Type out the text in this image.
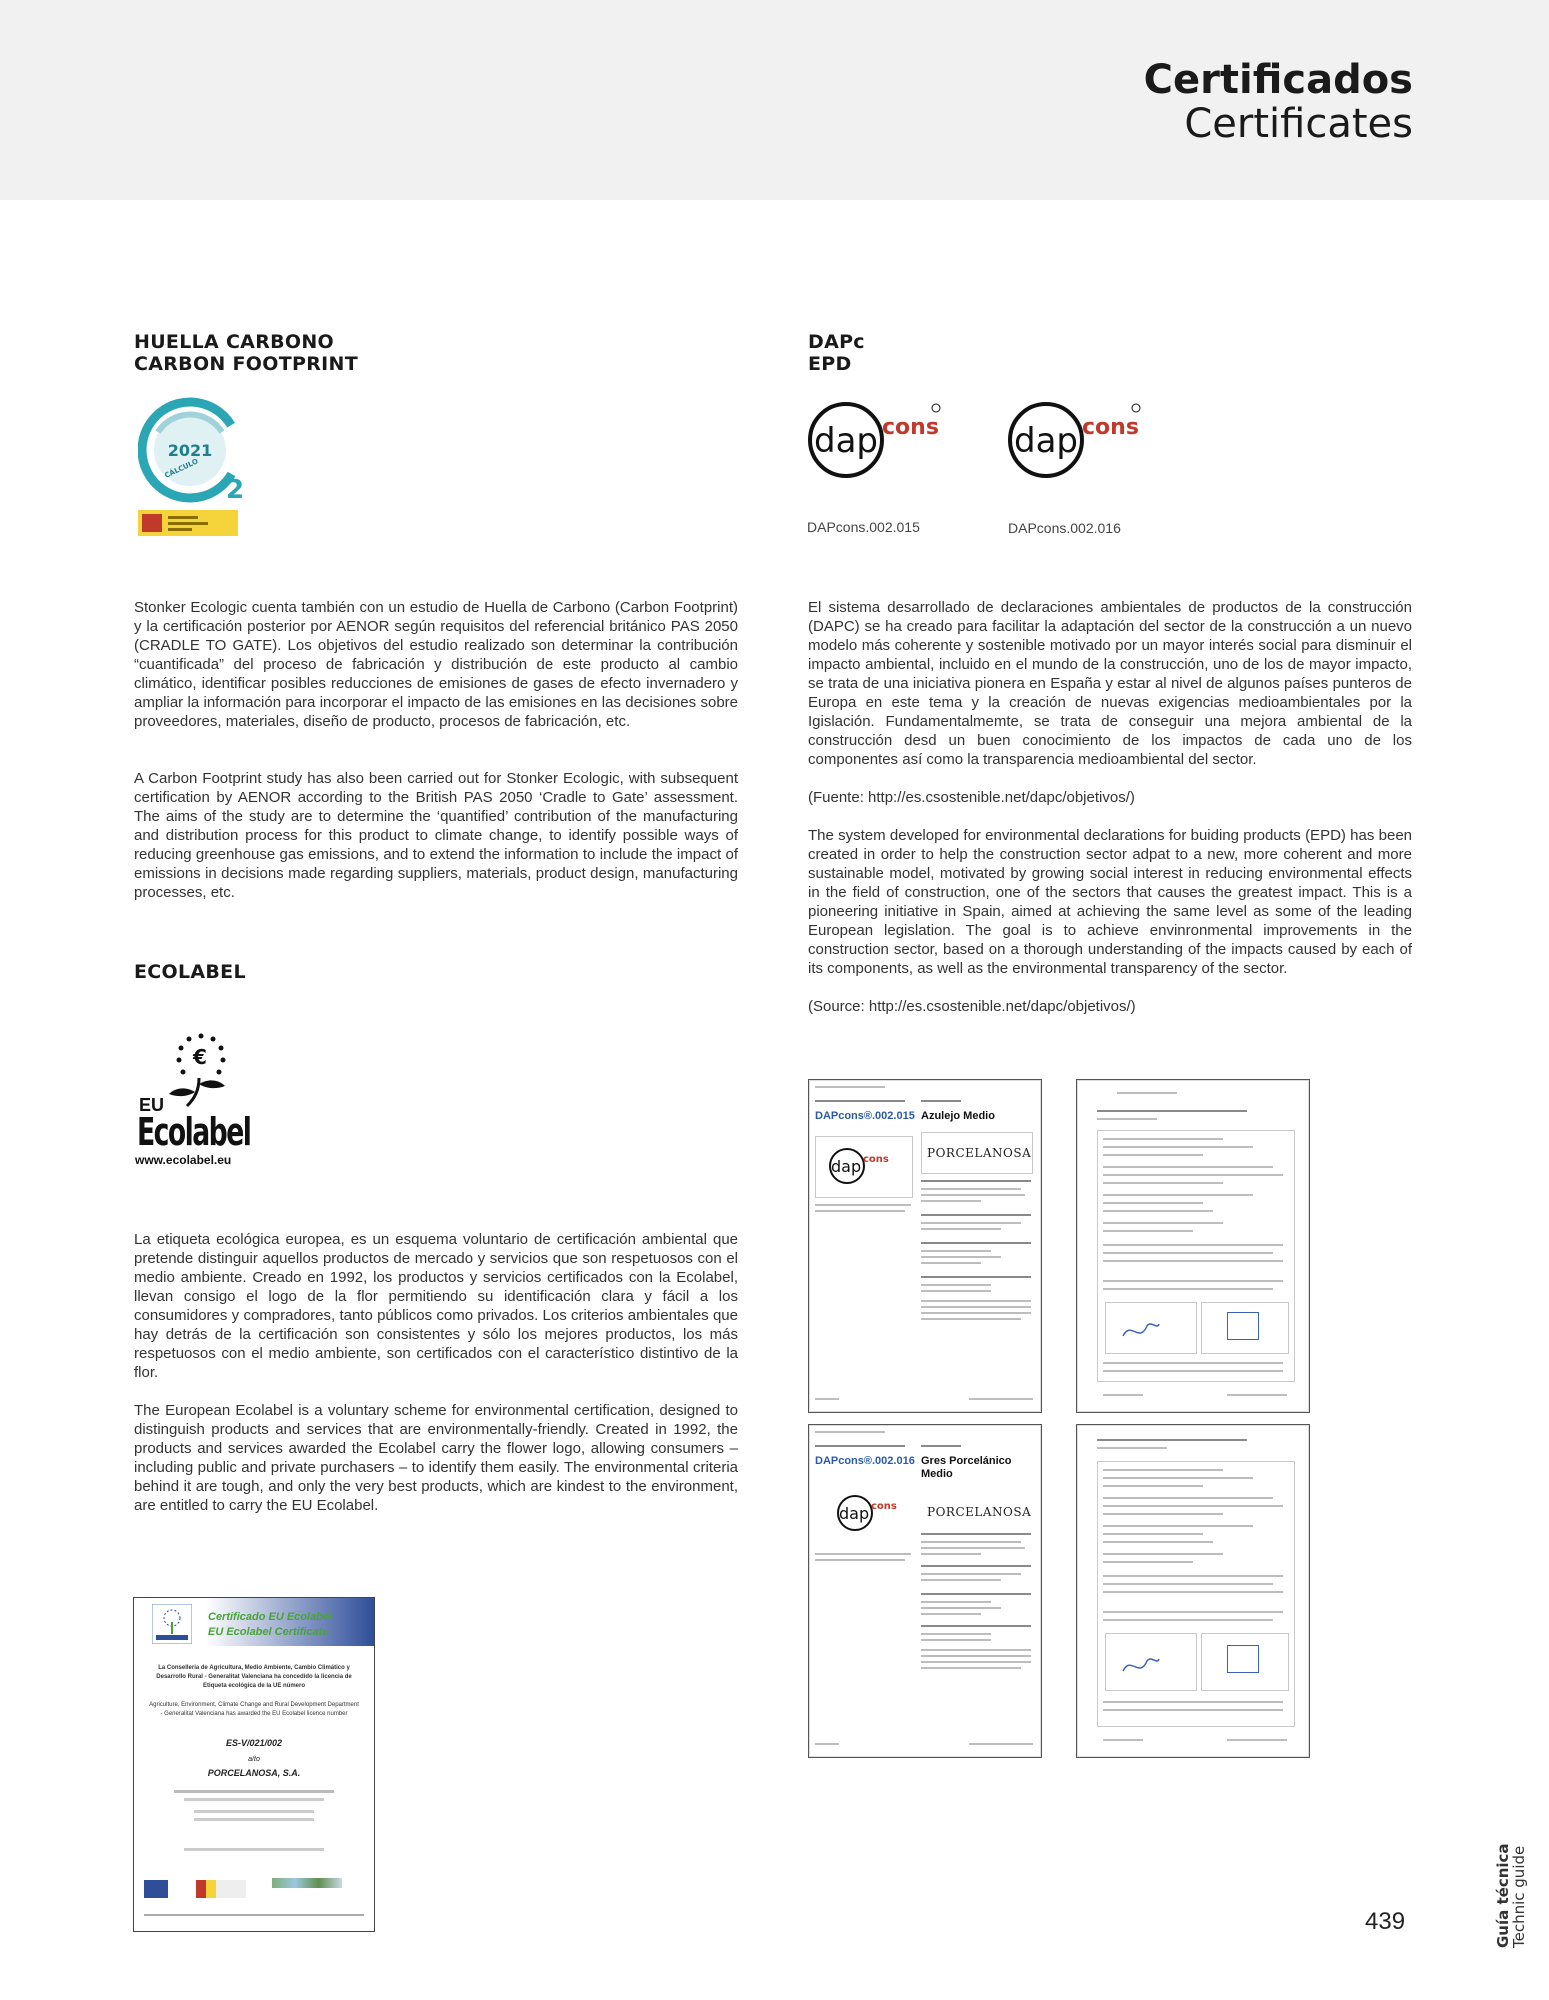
Certificados
Certificates
HUELLA CARBONO
CARBON FOOTPRINT
2021
CÁLCULO
2

Stonker Ecologic cuenta también con un estudio de Huella de Carbono (Carbon Footprint) y la certificación posterior por AENOR según requisitos del referencial británico PAS 2050 (CRADLE TO GATE). Los objetivos del estudio realizado son determinar la contribución “cuantificada” del proceso de fabricación y distribución de este producto al cambio climático, identificar posibles reducciones de emisiones de gases de efecto invernadero y ampliar la información para incorporar el impacto de las emisiones en las decisiones sobre proveedores, materiales, diseño de producto, procesos de fabricación, etc.

A Carbon Footprint study has also been carried out for Stonker Ecologic, with subsequent certification by AENOR according to the British PAS 2050 ‘Cradle to Gate’ assessment. The aims of the study are to determine the ‘quantified’ contribution of the manufacturing and distribution process for this product to climate change, to identify possible ways of reducing greenhouse gas emissions, and to extend the information to include the impact of emissions in decisions made regarding suppliers, materials, product design, manufacturing processes, etc.

ECOLABEL
€
EU
Ecolabel
www.ecolabel.eu

La etiqueta ecológica europea, es un esquema voluntario de certificación ambiental que pretende distinguir aquellos productos de mercado y servicios que son respetuosos con el medio ambiente. Creado en 1992, los productos y servicios certificados con la Ecolabel, llevan consigo el logo de la flor permitiendo su identificación clara y fácil a los consumidores y compradores, tanto públicos como privados. Los criterios ambientales que hay detrás de la certificación son consistentes y sólo los mejores productos, los más respetuosos con el medio ambiente, son certificados con el característico distintivo de la flor.

The European Ecolabel is a voluntary scheme for environmental certification, designed to distinguish products and services that are environmentally-friendly. Created in 1992, the products and services awarded the Ecolabel carry the flower logo, allowing consumers – including public and private purchasers – to identify them easily. The environmental criteria behind it are tough, and only the very best products, which are kindest to the environment, are entitled to carry the EU Ecolabel.

Certificado EU Ecolabel
EU Ecolabel Certificate
La Conselleria de Agricultura, Medio Ambiente, Cambio Climático y Desarrollo Rural - Generalitat Valenciana ha concedido la licencia de Etiqueta ecológica de la UE número
Agriculture, Environment, Climate Change and Rural Development Department - Generalitat Valenciana has awarded the EU Ecolabel licence number
ES-V/021/002
a/to
PORCELANOSA, S.A.
DAPc
EPD
dap cons dap cons
DAPcons.002.015	DAPcons.002.016

El sistema desarrollado de declaraciones ambientales de productos de la construcción (DAPC) se ha creado para facilitar la adaptación del sector de la construcción a un nuevo modelo más coherente y sostenible motivado por un mayor interés social para disminuir el impacto ambiental, incluido en el mundo de la construcción, uno de los de mayor impacto, se trata de una iniciativa pionera en España y estar al nivel de algunos países punteros de Europa en este tema y la creación de nuevas exigencias medioambientales por la Igislación. Fundamentalmemte, se trata de conseguir una mejora ambiental de la construcción desd un buen conocimiento de los impactos de cada uno de los componentes así como la transparencia medioambiental del sector.

(Fuente: http://es.csostenible.net/dapc/objetivos/)

The system developed for environmental declarations for buiding products (EPD) has been created in order to help the construction sector adpat to a new, more coherent and more sustainable model, motivated by growing social interest in reducing environmental effects in the field of construction, one of the sectors that causes the greatest impact. This is a pioneering initiative in Spain, aimed at achieving the same level as some of the leading European legislation. The goal is to achieve envinronmental improvements in the construction sector, based on a thorough understanding of the impacts caused by each of its components, as well as the environmental transparency of the sector.

(Source: http://es.csostenible.net/dapc/objetivos/)
DAPcons®.002.015 Azulejo Medio
PORCELANOSA
dap cons
DAPcons®.002.016 Gres Porcelánico Medio
PORCELANOSA
dap cons
439	Guía técnica
Technic guide
